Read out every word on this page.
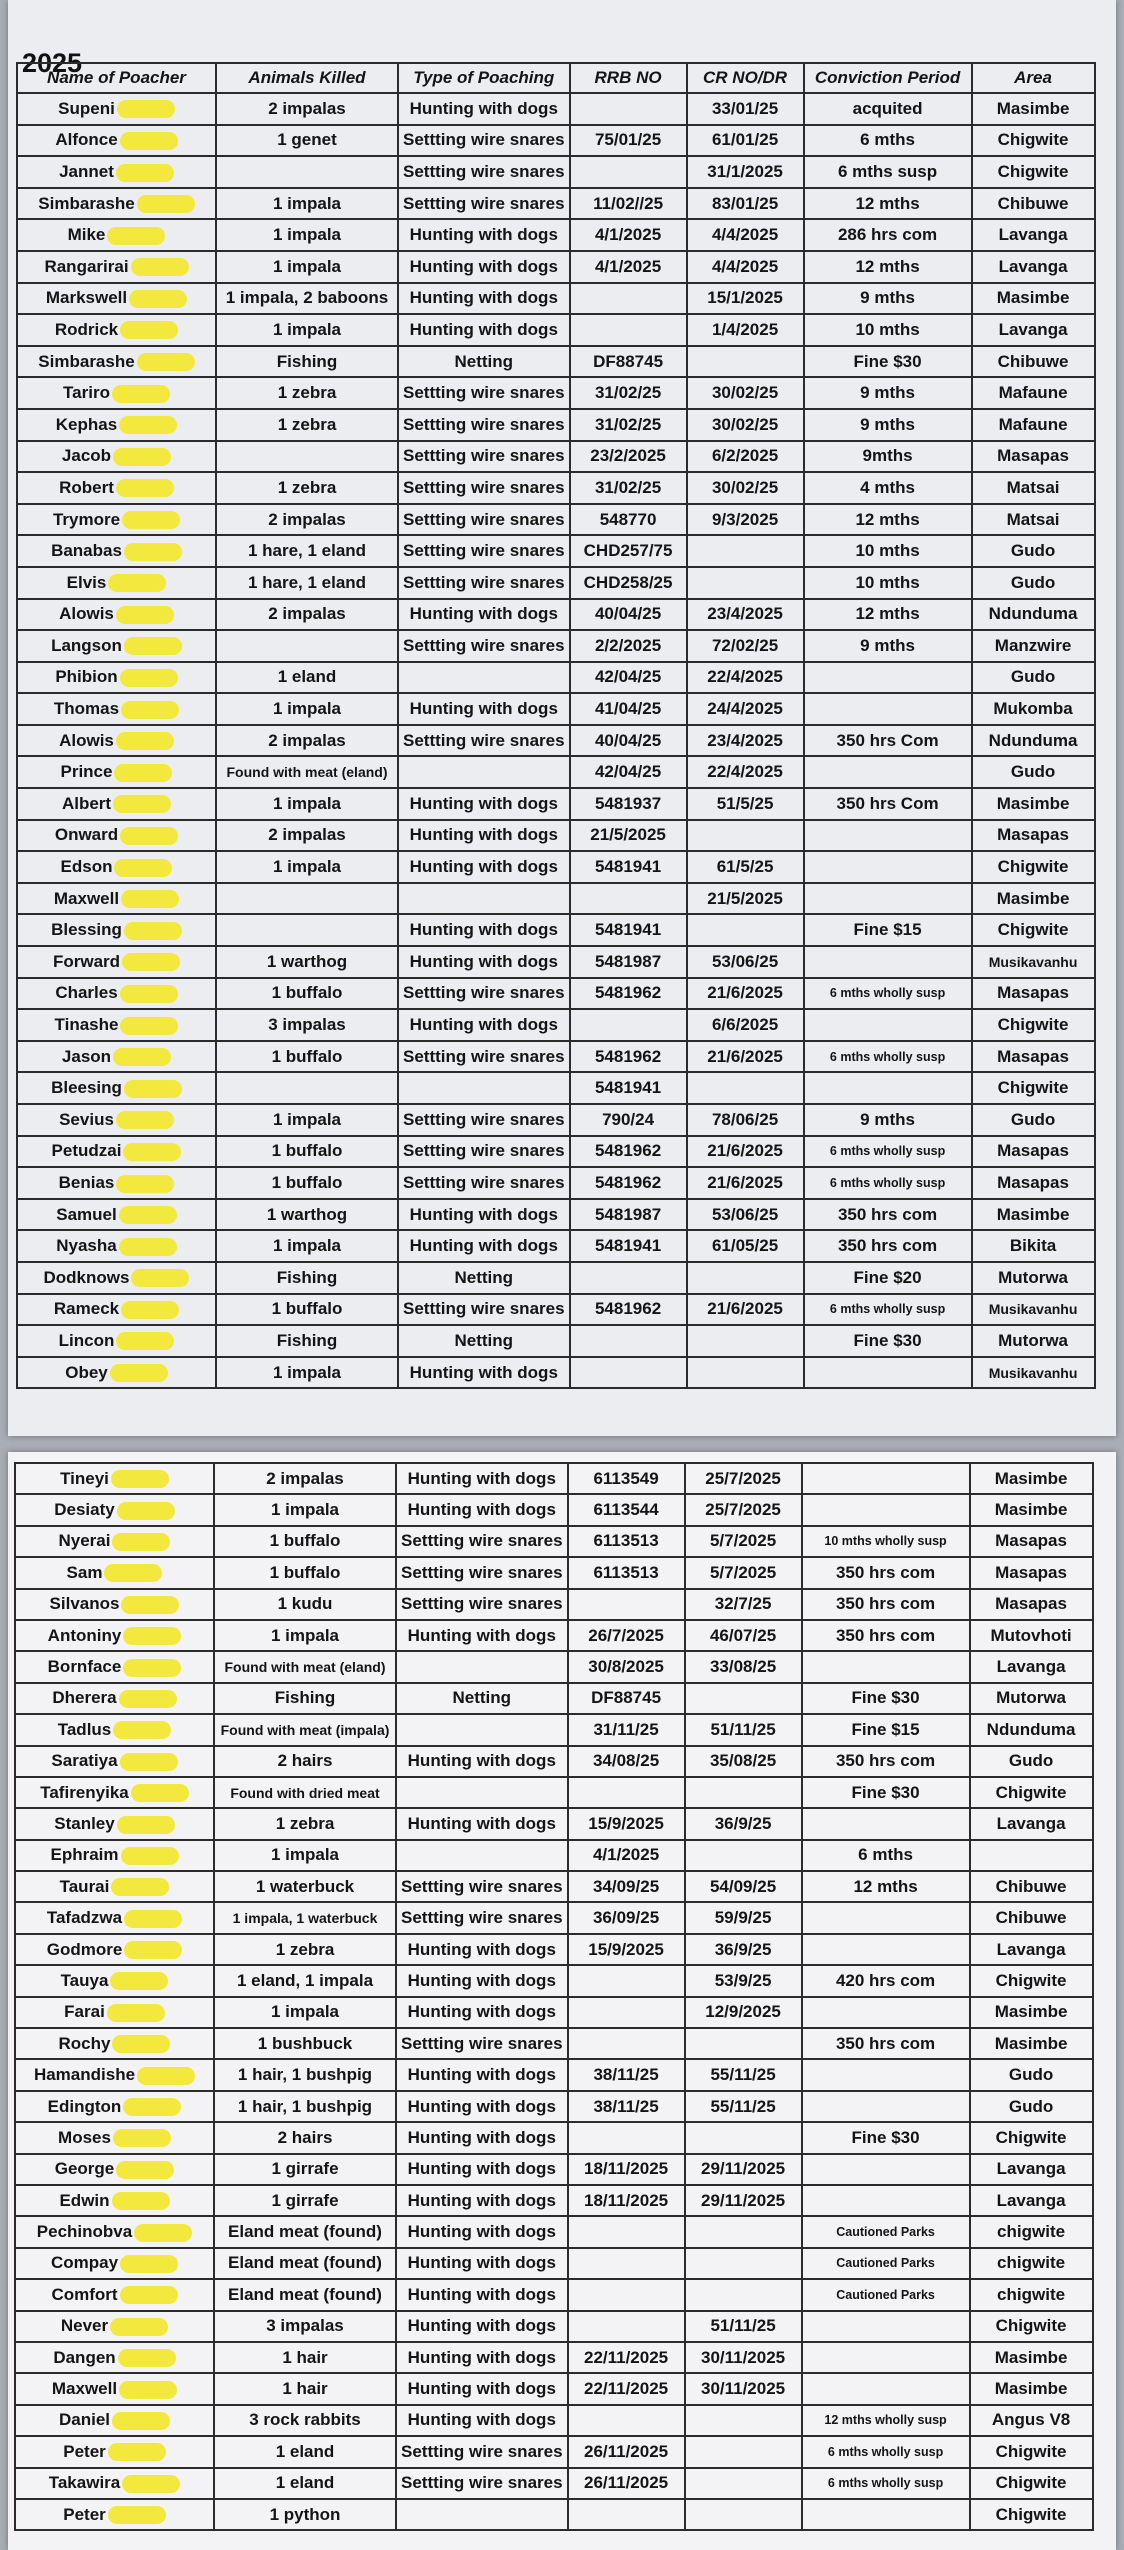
2025
Name of Poacher	Animals Killed	Type of Poaching	RRB NO	CR NO/DR	Conviction Period	Area
Supeni	2 impalas	Hunting with dogs		33/01/25	acquited	Masimbe
Alfonce	1 genet	Settting wire snares	75/01/25	61/01/25	6 mths	Chigwite
Jannet		Settting wire snares		31/1/2025	6 mths susp	Chigwite
Simbarashe	1 impala	Settting wire snares	11/02//25	83/01/25	12 mths	Chibuwe
Mike	1 impala	Hunting with dogs	4/1/2025	4/4/2025	286 hrs com	Lavanga
Rangarirai	1 impala	Hunting with dogs	4/1/2025	4/4/2025	12 mths	Lavanga
Markswell	1 impala, 2 baboons	Hunting with dogs		15/1/2025	9 mths	Masimbe
Rodrick	1 impala	Hunting with dogs		1/4/2025	10 mths	Lavanga
Simbarashe	Fishing	Netting	DF88745		Fine $30	Chibuwe
Tariro	1 zebra	Settting wire snares	31/02/25	30/02/25	9 mths	Mafaune
Kephas	1 zebra	Settting wire snares	31/02/25	30/02/25	9 mths	Mafaune
Jacob		Settting wire snares	23/2/2025	6/2/2025	9mths	Masapas
Robert	1 zebra	Settting wire snares	31/02/25	30/02/25	4 mths	Matsai
Trymore	2 impalas	Settting wire snares	548770	9/3/2025	12 mths	Matsai
Banabas	1 hare, 1 eland	Settting wire snares	CHD257/75		10 mths	Gudo
Elvis	1 hare, 1 eland	Settting wire snares	CHD258/25		10 mths	Gudo
Alowis	2 impalas	Hunting with dogs	40/04/25	23/4/2025	12 mths	Ndunduma
Langson		Settting wire snares	2/2/2025	72/02/25	9 mths	Manzwire
Phibion	1 eland		42/04/25	22/4/2025		Gudo
Thomas	1 impala	Hunting with dogs	41/04/25	24/4/2025		Mukomba
Alowis	2 impalas	Settting wire snares	40/04/25	23/4/2025	350 hrs Com	Ndunduma
Prince	Found with meat (eland)		42/04/25	22/4/2025		Gudo
Albert	1 impala	Hunting with dogs	5481937	51/5/25	350 hrs Com	Masimbe
Onward	2 impalas	Hunting with dogs	21/5/2025			Masapas
Edson	1 impala	Hunting with dogs	5481941	61/5/25		Chigwite
Maxwell				21/5/2025		Masimbe
Blessing		Hunting with dogs	5481941		Fine $15	Chigwite
Forward	1 warthog	Hunting with dogs	5481987	53/06/25		Musikavanhu
Charles	1 buffalo	Settting wire snares	5481962	21/6/2025	6 mths wholly susp	Masapas
Tinashe	3 impalas	Hunting with dogs		6/6/2025		Chigwite
Jason	1 buffalo	Settting wire snares	5481962	21/6/2025	6 mths wholly susp	Masapas
Bleesing			5481941			Chigwite
Sevius	1 impala	Settting wire snares	790/24	78/06/25	9 mths	Gudo
Petudzai	1 buffalo	Settting wire snares	5481962	21/6/2025	6 mths wholly susp	Masapas
Benias	1 buffalo	Settting wire snares	5481962	21/6/2025	6 mths wholly susp	Masapas
Samuel	1 warthog	Hunting with dogs	5481987	53/06/25	350 hrs com	Masimbe
Nyasha	1 impala	Hunting with dogs	5481941	61/05/25	350 hrs com	Bikita
Dodknows	Fishing	Netting			Fine $20	Mutorwa
Rameck	1 buffalo	Settting wire snares	5481962	21/6/2025	6 mths wholly susp	Musikavanhu
Lincon	Fishing	Netting			Fine $30	Mutorwa
Obey	1 impala	Hunting with dogs				Musikavanhu
Tineyi	2 impalas	Hunting with dogs	6113549	25/7/2025		Masimbe
Desiaty	1 impala	Hunting with dogs	6113544	25/7/2025		Masimbe
Nyerai	1 buffalo	Settting wire snares	6113513	5/7/2025	10 mths wholly susp	Masapas
Sam	1 buffalo	Settting wire snares	6113513	5/7/2025	350 hrs com	Masapas
Silvanos	1 kudu	Settting wire snares		32/7/25	350 hrs com	Masapas
Antoniny	1 impala	Hunting with dogs	26/7/2025	46/07/25	350 hrs com	Mutovhoti
Bornface	Found with meat (eland)		30/8/2025	33/08/25		Lavanga
Dherera	Fishing	Netting	DF88745		Fine $30	Mutorwa
Tadlus	Found with meat (impala)		31/11/25	51/11/25	Fine $15	Ndunduma
Saratiya	2 hairs	Hunting with dogs	34/08/25	35/08/25	350 hrs com	Gudo
Tafirenyika	Found with dried meat				Fine $30	Chigwite
Stanley	1 zebra	Hunting with dogs	15/9/2025	36/9/25		Lavanga
Ephraim	1 impala		4/1/2025		6 mths	
Taurai	1 waterbuck	Settting wire snares	34/09/25	54/09/25	12 mths	Chibuwe
Tafadzwa	1 impala, 1 waterbuck	Settting wire snares	36/09/25	59/9/25		Chibuwe
Godmore	1 zebra	Hunting with dogs	15/9/2025	36/9/25		Lavanga
Tauya	1 eland, 1 impala	Hunting with dogs		53/9/25	420 hrs com	Chigwite
Farai	1 impala	Hunting with dogs		12/9/2025		Masimbe
Rochy	1 bushbuck	Settting wire snares			350 hrs com	Masimbe
Hamandishe	1 hair, 1 bushpig	Hunting with dogs	38/11/25	55/11/25		Gudo
Edington	1 hair, 1 bushpig	Hunting with dogs	38/11/25	55/11/25		Gudo
Moses	2 hairs	Hunting with dogs			Fine $30	Chigwite
George	1 girrafe	Hunting with dogs	18/11/2025	29/11/2025		Lavanga
Edwin	1 girrafe	Hunting with dogs	18/11/2025	29/11/2025		Lavanga
Pechinobva	Eland meat (found)	Hunting with dogs			Cautioned Parks	chigwite
Compay	Eland meat (found)	Hunting with dogs			Cautioned Parks	chigwite
Comfort	Eland meat (found)	Hunting with dogs			Cautioned Parks	chigwite
Never	3 impalas	Hunting with dogs		51/11/25		Chigwite
Dangen	1 hair	Hunting with dogs	22/11/2025	30/11/2025		Masimbe
Maxwell	1 hair	Hunting with dogs	22/11/2025	30/11/2025		Masimbe
Daniel	3 rock rabbits	Hunting with dogs			12 mths wholly susp	Angus V8
Peter	1 eland	Settting wire snares	26/11/2025		6 mths wholly susp	Chigwite
Takawira	1 eland	Settting wire snares	26/11/2025		6 mths wholly susp	Chigwite
Peter	1 python					Chigwite
